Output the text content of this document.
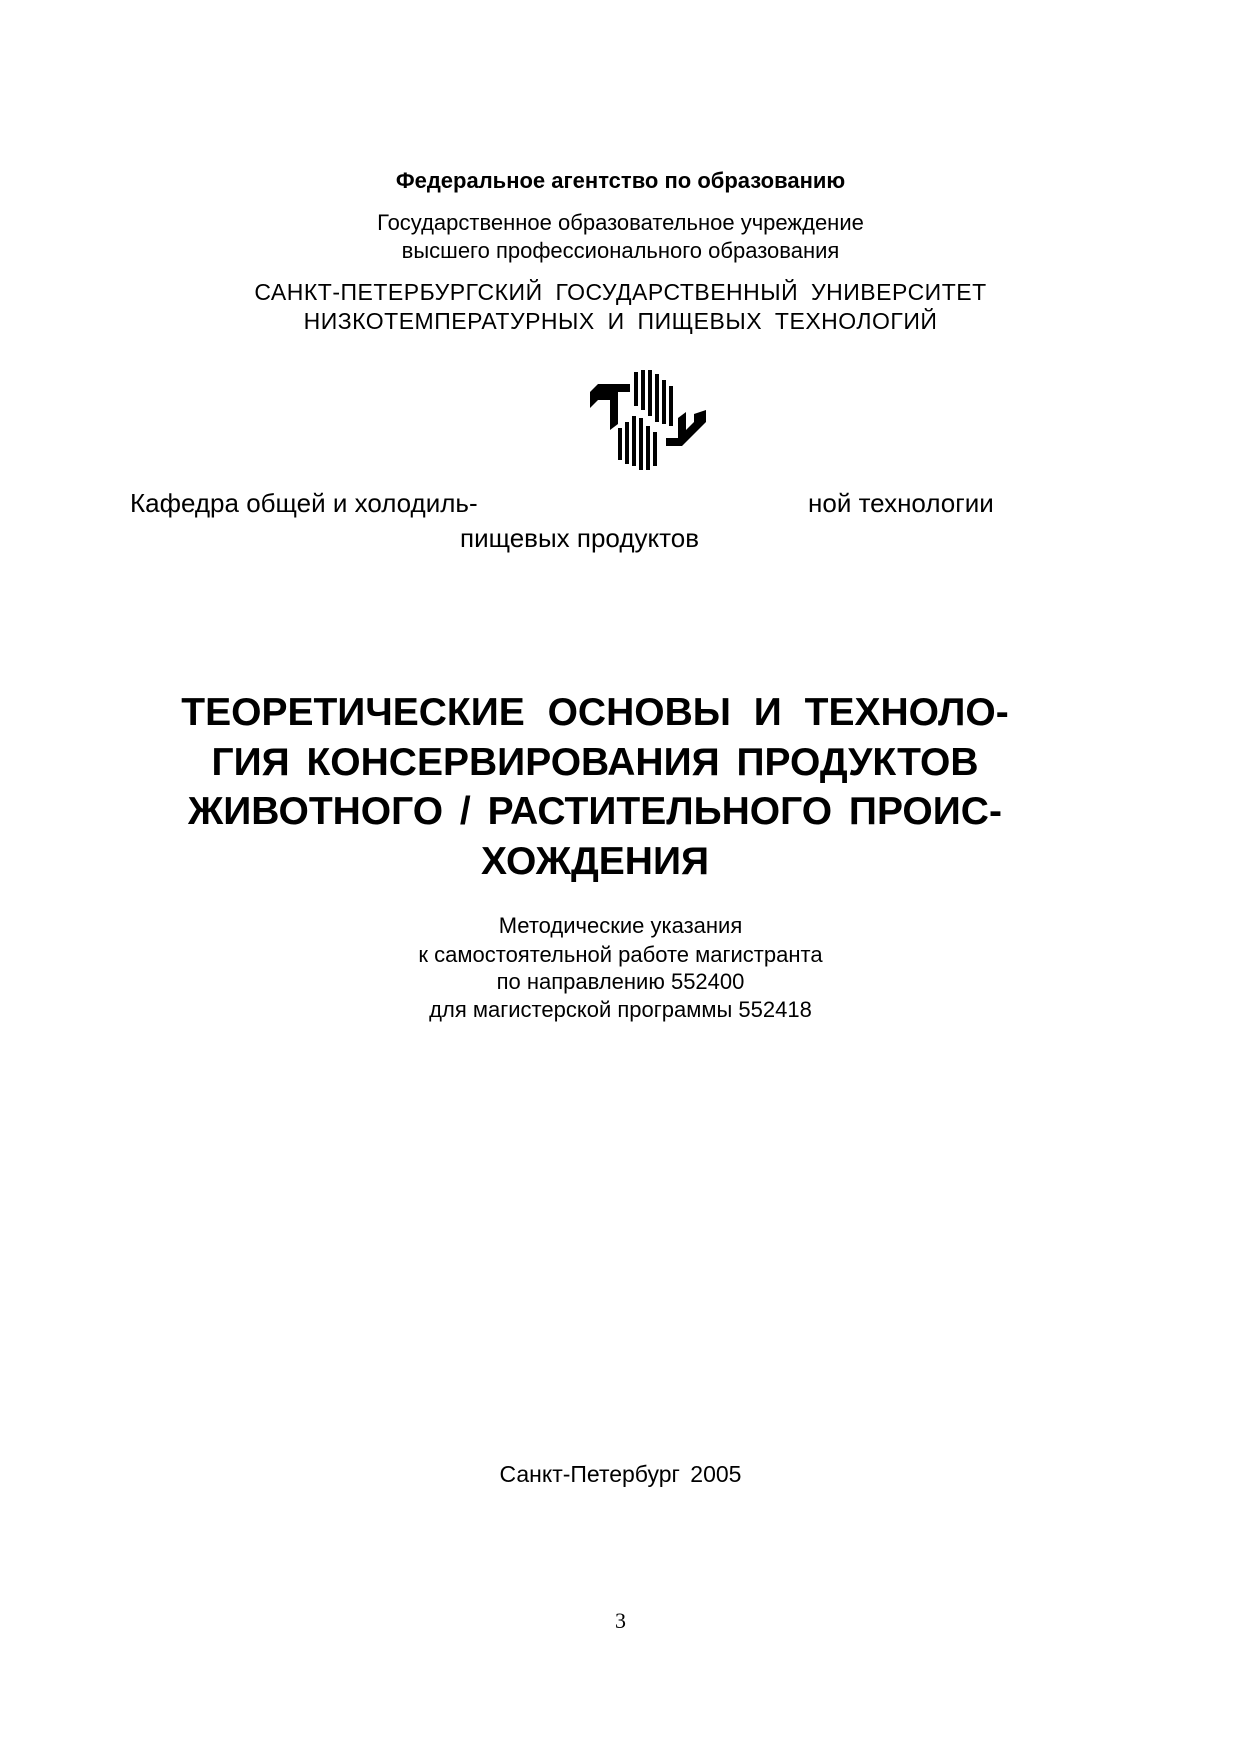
Федеральное агентство по образованию
Государственное образовательное учреждение
высшего профессионального образования
САНКТ-ПЕТЕРБУРГСКИЙ ГОСУДАРСТВЕННЫЙ УНИВЕРСИТЕТ
НИЗКОТЕМПЕРАТУРНЫХ И ПИЩЕВЫХ ТЕХНОЛОГИЙ
Кафедра общей и холодиль-	ной технологии
пищевых продуктов
ТЕОРЕТИЧЕСКИЕ ОСНОВЫ И ТЕХНОЛО-
ГИЯ КОНСЕРВИРОВАНИЯ ПРОДУКТОВ
ЖИВОТНОГО / РАСТИТЕЛЬНОГО ПРОИС-
ХОЖДЕНИЯ
Методические указания
к самостоятельной работе магистранта
по направлению 552400
для магистерской программы 552418
Санкт-Петербург 2005
3
